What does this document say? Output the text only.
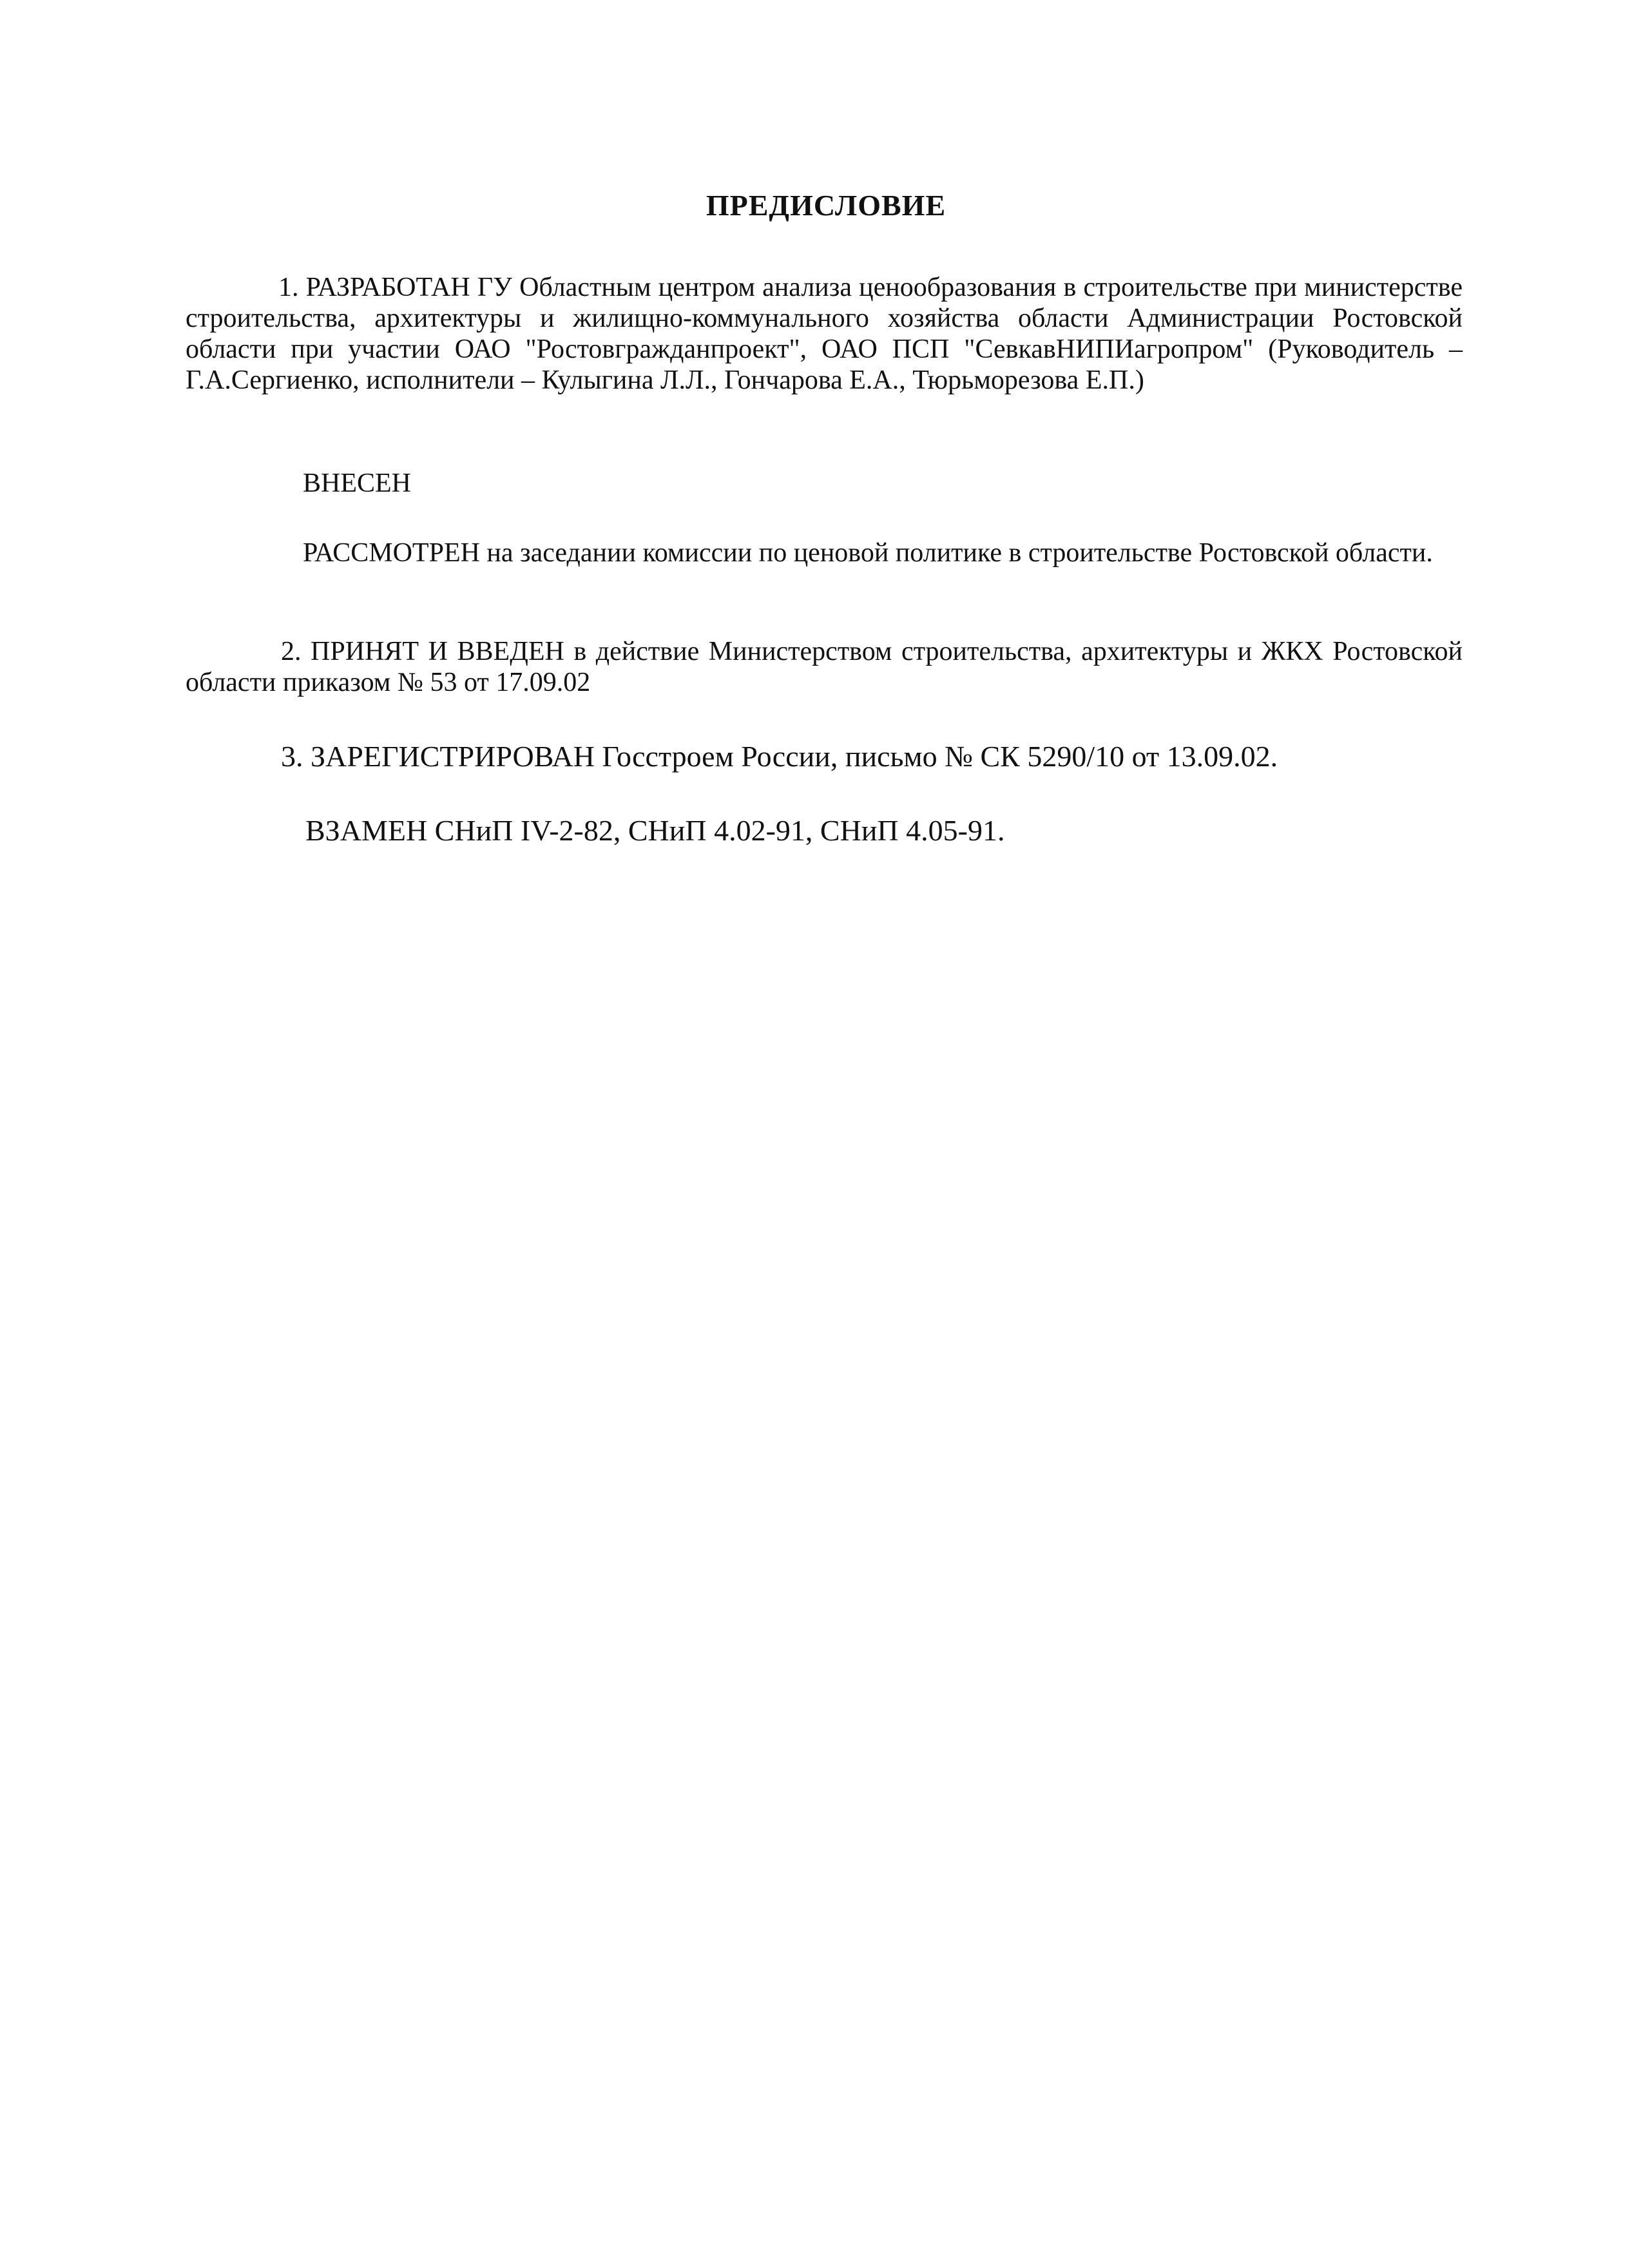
ПРЕДИСЛОВИЕ
1. РАЗРАБОТАН ГУ Областным центром анализа ценообразования в строительстве при министерстве строительства, архитектуры и жилищно-коммунального хозяйства области Администрации Ростовской области при участии ОАО "Ростовгражданпроект", ОАО ПСП "СевкавНИПИагропром" (Руководитель – Г.А.Сергиенко, исполнители – Кулыгина Л.Л., Гончарова Е.А., Тюрьморезова Е.П.)
ВНЕСЕН
РАССМОТРЕН на заседании комиссии по ценовой политике в строительстве Ростовской области.
2. ПРИНЯТ И ВВЕДЕН в действие Министерством строительства, архитектуры и ЖКХ Ростовской области приказом № 53 от 17.09.02
3. ЗАРЕГИСТРИРОВАН Госстроем России, письмо № СК 5290/10 от 13.09.02.
ВЗАМЕН СНиП IV-2-82, СНиП 4.02-91, СНиП 4.05-91.
